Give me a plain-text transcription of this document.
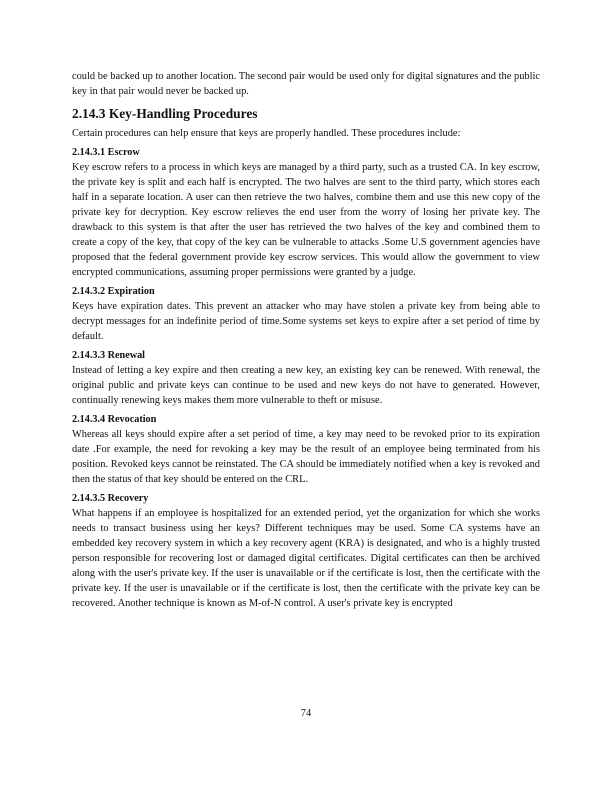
could be backed up to another location. The second pair would be used only for digital signatures and the public key in that pair would never be backed up.

2.14.3 Key-Handling Procedures

Certain procedures can help ensure that keys are properly handled. These procedures include:

2.14.3.1 Escrow

Key escrow refers to a process in which keys are managed by a third party, such as a trusted CA. In key escrow, the private key is split and each half is encrypted. The two halves are sent to the third party, which stores each half in a separate location. A user can then retrieve the two halves, combine them and use this new copy of the private key for decryption. Key escrow relieves the end user from the worry of losing her private key. The drawback to this system is that after the user has retrieved the two halves of the key and combined them to create a copy of the key, that copy of the key can be vulnerable to attacks .Some U.S government agencies have proposed that the federal government provide key escrow services. This would allow the government to view encrypted communications, assuming proper permissions were granted by a judge.

2.14.3.2 Expiration

Keys have expiration dates. This prevent an attacker who may have stolen a private key from being able to decrypt messages for an indefinite period of time.Some systems set keys to expire after a set period of time by default.

2.14.3.3 Renewal

Instead of letting a key expire and then creating a new key, an existing key can be renewed. With renewal, the original public and private keys can continue to be used and new keys do not have to generated. However, continually renewing keys makes them more vulnerable to theft or misuse.

2.14.3.4 Revocation

Whereas all keys should expire after a set period of time, a key may need to be revoked prior to its expiration date .For example, the need for revoking a key may be the result of an employee being terminated from his position. Revoked keys cannot be reinstated. The CA should be immediately notified when a key is revoked and then the status of that key should be entered on the CRL.

2.14.3.5 Recovery

What happens if an employee is hospitalized for an extended period, yet the organization for which she works needs to transact business using her keys? Different techniques may be used. Some CA systems have an embedded key recovery system in which a key recovery agent (KRA) is designated, and who is a highly trusted person responsible for recovering lost or damaged digital certificates. Digital certificates can then be archived along with the user's private key. If the user is unavailable or if the certificate is lost, then the certificate with the private key. If the user is unavailable or if the certificate is lost, then the certificate with the private key can be recovered. Another technique is known as M-of-N control. A user's private key is encrypted

74
